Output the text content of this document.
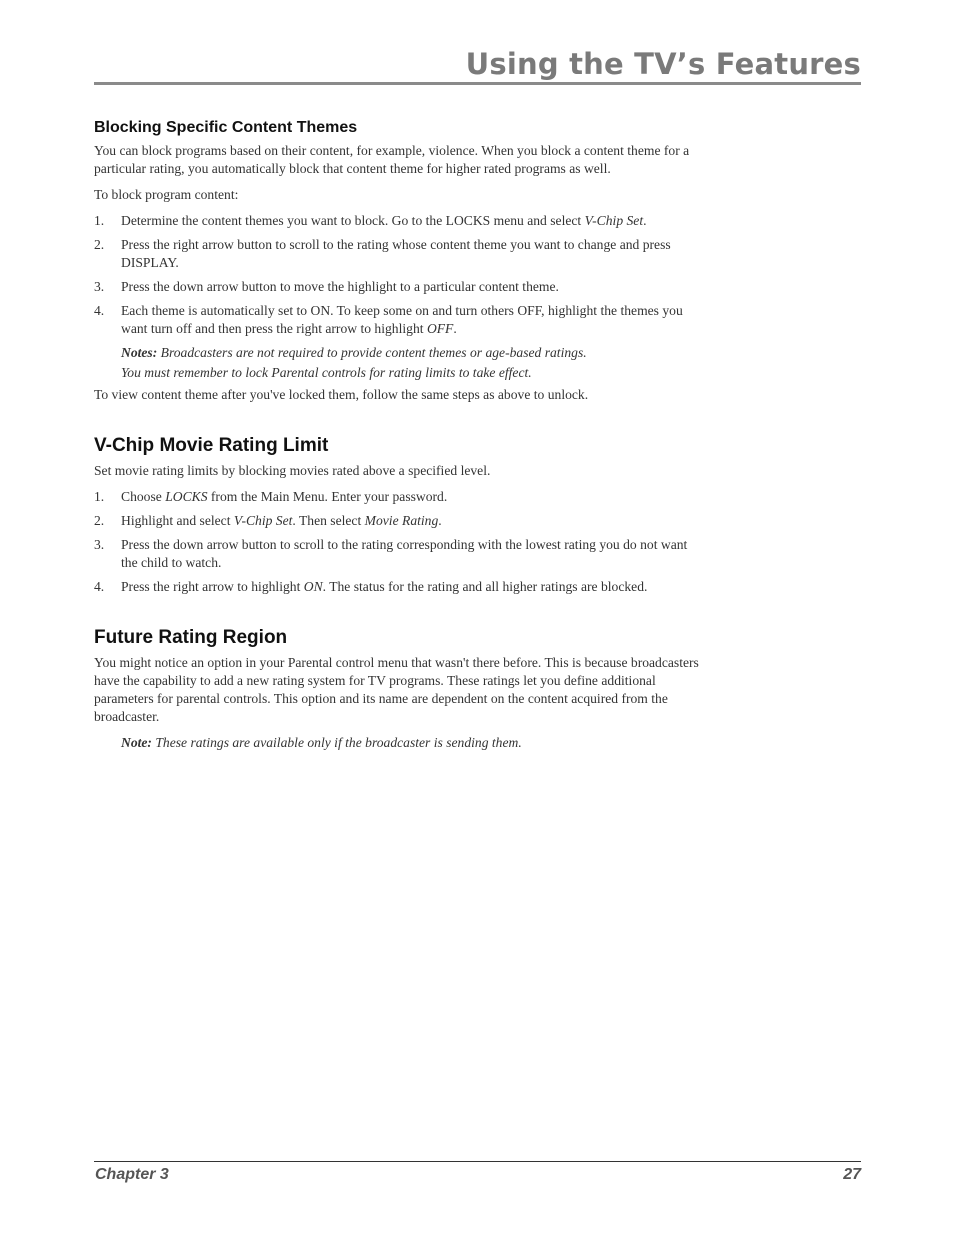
Using the TV’s Features
Blocking Specific Content Themes

You can block programs based on their content, for example, violence. When you block a content theme for a particular rating, you automatically block that content theme for higher rated programs as well.

To block program content:

1. Determine the content themes you want to block. Go to the LOCKS menu and select V-Chip Set.
2. Press the right arrow button to scroll to the rating whose content theme you want to change and press DISPLAY.
3. Press the down arrow button to move the highlight to a particular content theme.
4. Each theme is automatically set to ON. To keep some on and turn others OFF, highlight the themes you want turn off and then press the right arrow to highlight OFF.
Notes: Broadcasters are not required to provide content themes or age-based ratings.
You must remember to lock Parental controls for rating limits to take effect.

To view content theme after you've locked them, follow the same steps as above to unlock.

V-Chip Movie Rating Limit

Set movie rating limits by blocking movies rated above a specified level.

1. Choose LOCKS from the Main Menu. Enter your password.
2. Highlight and select V-Chip Set. Then select Movie Rating.
3. Press the down arrow button to scroll to the rating corresponding with the lowest rating you do not want the child to watch.
4. Press the right arrow to highlight ON. The status for the rating and all higher ratings are blocked.
Future Rating Region

You might notice an option in your Parental control menu that wasn't there before. This is because broadcasters have the capability to add a new rating system for TV programs. These ratings let you define additional parameters for parental controls. This option and its name are dependent on the content acquired from the broadcaster.

Note: These ratings are available only if the broadcaster is sending them.
Chapter 3	27
